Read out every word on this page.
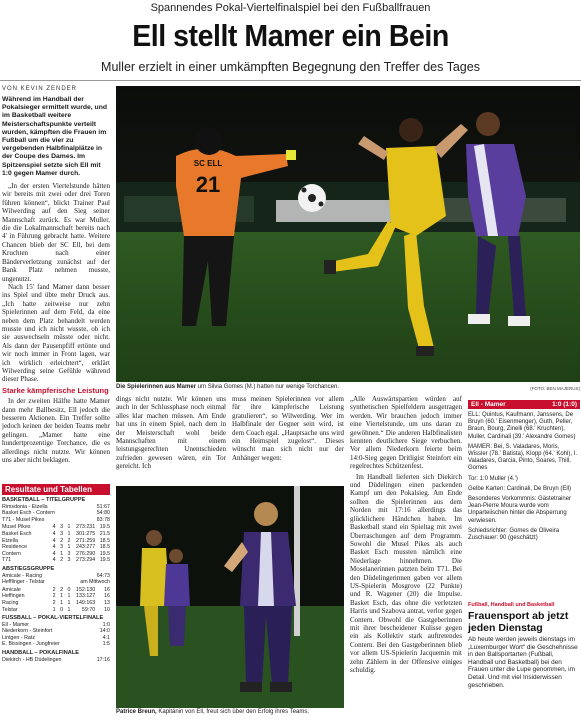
Spannendes Pokal-Viertelfinalspiel bei den Fußballfrauen
Ell stellt Mamer ein Bein
Muller erzielt in einer umkämpften Begegnung den Treffer des Tages
VON KEVIN ZENDER

Während im Handball der Pokalsieger ermittelt wurde, und im Basketball weitere Meisterschaftspunkte verteilt wurden, kämpften die Frauen im Fußball um die vier zu vergebenden Halbfinalplätze in der Coupe des Dames. Im Spitzenspiel setzte sich Ell mit 1:0 gegen Mamer durch.

„In der ersten Viertelstunde hätten wir bereits mit zwei oder drei Toren führen können“, blickt Trainer Paul Wilwerding auf den Sieg seiner Mannschaft zurück. Es war Muller, die die Lokalmannschaft bereits nach 4' in Führung gebracht hatte. Weitere Chancen blieb der SC Ell, bei dem Kruchten nach einer Bänderverletzung zunächst auf der Bank Platz nehmen musste, ungenutzt.

Nach 15' fand Mamer dann besser ins Spiel und übte mehr Druck aus. „Ich hatte zeitweise nur zehn Spielerinnen auf dem Feld, da eine neben dem Platz behandelt werden musste und ich nicht wusste, ob ich sie auswechseln müsste oder nicht. Als dann der Pausenpfiff ertönte und wir noch immer in Front lagen, war ich wirklich erleichtert“, erklärt Wilwerding seine Gefühle während dieser Phase.

Starke kämpferische Leistung

In der zweiten Hälfte hatte Mamer dann mehr Ballbesitz, Ell jedoch die besseren Aktionen. Ein Treffer sollte jedoch keinen der beiden Teams mehr gelingen. „Mamer hatte eine hundertprozentige Torchance, die es allerdings nicht nutzte. Wir können uns aber nicht beklagen.

21
SC ELL
Die Spielerinnen aus Mamer um Silvia Gomes (M.) hatten nur wenige Torchancen.	(FOTO: BEN MAJERUS)

dings nicht nutzte. Wir können uns auch in der Schlussphase noch einmal alles klar machen müssen. Am Ende hat uns in einem Spiel, nach dem in der Meisterschaft wohl beide Mannschaften mit einem leistungsgerechten Unentschieden zufrieden gewesen wären, ein Tor gereicht. Ich

muss meinen Spielerinnen vor allem für ihre kämpferische Leistung gratulieren“, so Wilwerding. Wer im Halbfinale der Gegner sein wird, ist dem Coach egal. „Hauptsache uns wird ein Heimspiel zugelost“. Dieses wünscht man sich nicht nur der Anhänger wegen:

„Alle Auswärtspartien würden auf synthetischen Spielfeldern ausgetragen werden. Wir brauchen jedoch immer eine Viertelstunde, um uns daran zu gewöhnen.“ Die anderen Halbfinalisten kennten deutlichere Siege verbuchen. Vor allem Niederkorn feierte beim 14:0-Sieg gegen Dritligist Steinfort ein regelrechtes Schützenfest.

Im Handball lieferten sich Diekirch und Düdelingen einen packenden Kampf um den Pokalsieg. Am Ende sollten die Spielerinnen aus dem Norden mit 17:16 allerdings das glücklichere Händchen haben. Im Basketball stand ein Spieltag mit zwei Überraschungen auf dem Programm. Sowohl die Musel Pikes als auch Basket Esch mussten nämlich eine Niederlage hinnehmen. Die Moselanerinnen patzten beim T71. Bei den Düdelingerinnen gaben vor allem US-Spielerin Mosgrove (22 Punkte) und R. Wagener (20) die Impulse. Basket Esch, das ohne die verletzten Harris und Szabova antrat, verlor gegen Contern. Obwohl die Gastgeberinnen mit ihrer bescheidener Kulisse gegen ein als Kollektiv stark auftretendes Contern. Bei den Gastgeberinnen blieb vor allem US-Spielerin Jacquemin mit zehn Zählern in der Offensive einiges schuldig.

Resultate und Tabellen
BASKETBALL – TITELGRUPPE
Rimsdonia - Etzella	51:67
Basket Esch - Contern	54:80
T71 - Musel Pikes	83:78
Musel Pikes	4 3 1	273:231 19.5
Basket Esch	4 3 1	301:275 21.5
Etzella	4 2 2	271:259 18.5
Residence	4 3 1	243:277 18.5
Contern	4 1 3	276:290 19.5
T71	4 2 3	273:294 19.5
ABSTIEGSGRUPPE
Amicale - Racing	64:73
Hefflinger - Telstar	am Mittwoch
Amicale	2 2 0	152:130	16
Heffingen	2 1 1	133:127	16
Racing	2 1 1	149:163	13
Telstar	1 0 1	59:70	10
FUSSBALL – POKAL-VIERTELFINALE
Ell - Mamer	1:0
Niederkorn - Steinfort	14:0
Lintgen - Ratz	4:1
E. Bissingen - Jungfreier	1:5
HANDBALL – POKALFINALE
Diekirch - HB Düdelingen	17:16
Patrice Breun, Kapitänin von Ell, freut sich über den Erfolg ihres Teams.
Ell - Mamer	1:0 (1:0)

ELL: Quintus, Kaufmann, Janssens, De Bruyn (60.' Eisenmenger), Guth, Peller, Braun, Bourg, Zinelli (68.' Kruchten), Muller, Cardinali (39.' Alexandre Gomes)

MAMER: Bei, S. Valadares, Moris, Wissler (78.' Batista), Klopp (64.' Kohl), I. Valadares, Garcia, Pinto, Soares, Thill, Gomes

Tor: 1:0 Muller (4.')

Gelbe Karten: Cardinali, De Bruyn (Ell)

Besonderes Vorkommnis: Gästetrainer Jean-Pierre Moura wurde vom Unparteiischen hinter die Absperrung verwiesen.

Schiedsrichter: Gomes de Oliveira

Zuschauer: 90 (geschätzt)

Fußball, Handball und Basketball
Frauensport ab jetzt jeden Dienstag
Ab heute werden jeweils dienstags im „Luxemburger Wort“ die Geschehnisse in den Ballsportarten (Fußball, Handball und Basketball) bei den Frauen unter die Lupe genommen, im Detail. Und mit viel Insiderwissen geschrieben.
